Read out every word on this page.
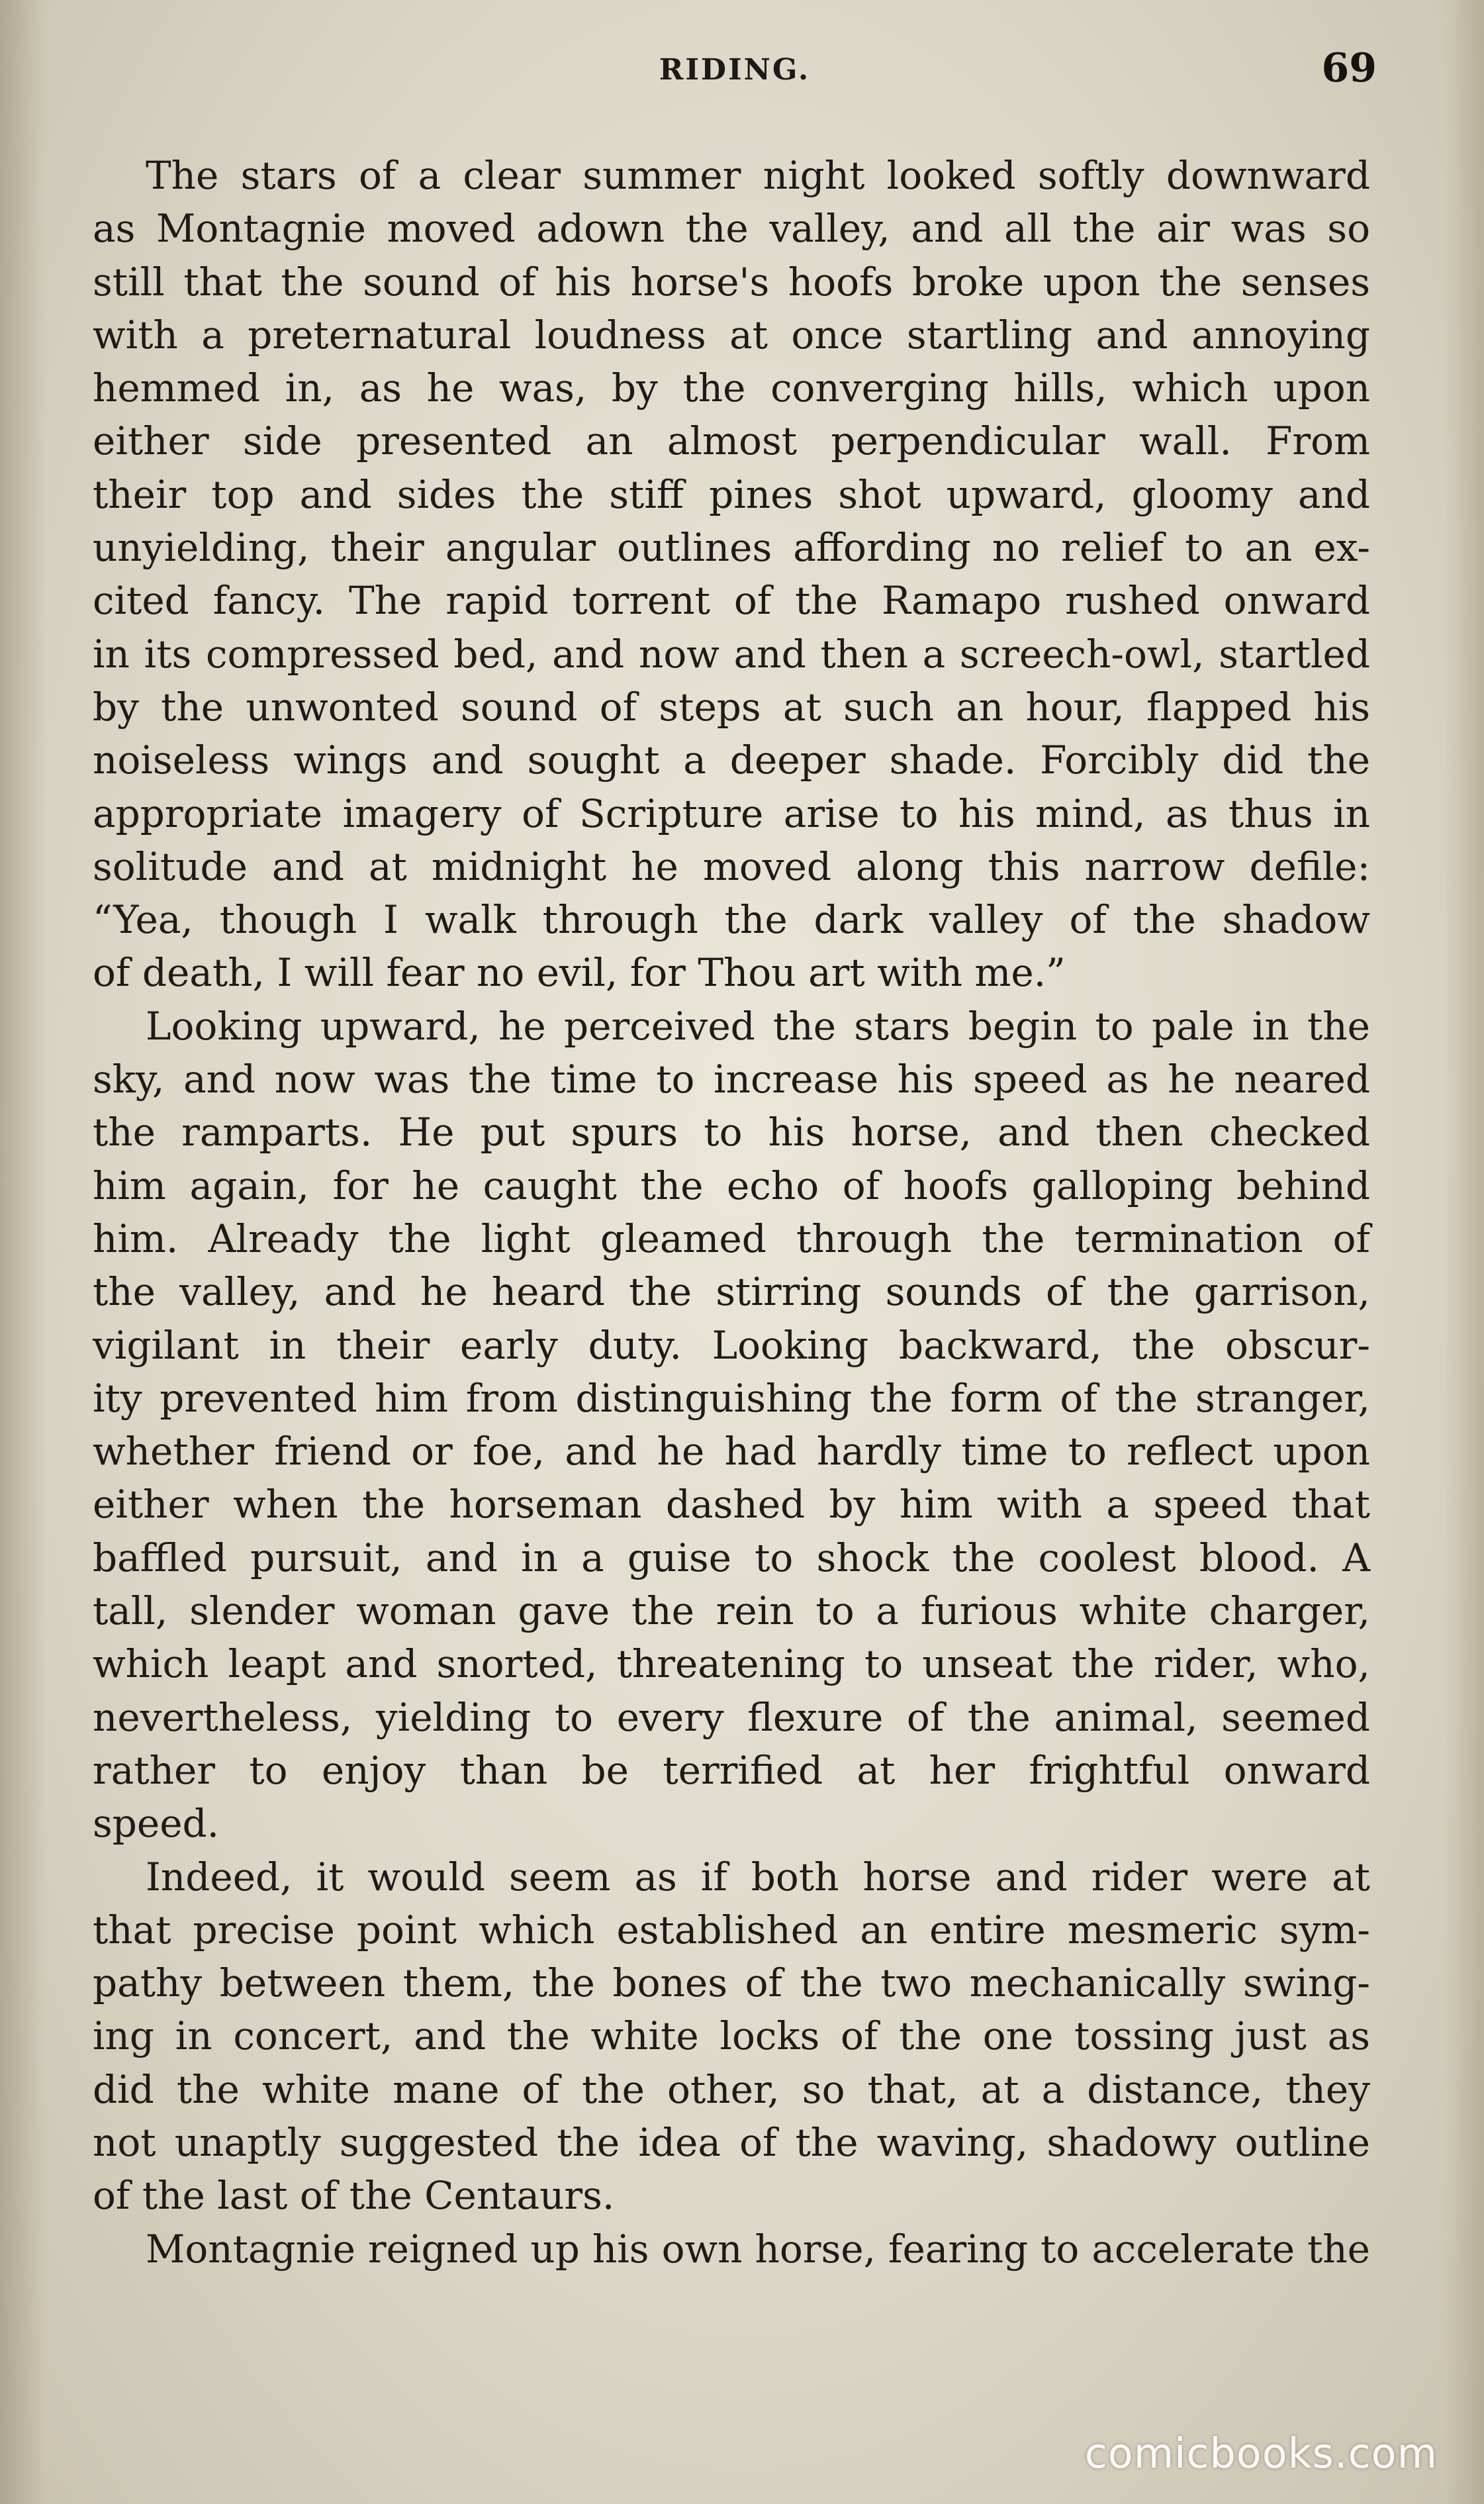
RIDING.	69
The stars of a clear summer night looked softly downward
as Montagnie moved adown the valley, and all the air was so
still that the sound of his horse's hoofs broke upon the senses
with a preternatural loudness at once startling and annoying
hemmed in, as he was, by the converging hills, which upon
either side presented an almost perpendicular wall. From
their top and sides the stiff pines shot upward, gloomy and
unyielding, their angular outlines affording no relief to an ex-
cited fancy. The rapid torrent of the Ramapo rushed onward
in its compressed bed, and now and then a screech-owl, startled
by the unwonted sound of steps at such an hour, flapped his
noiseless wings and sought a deeper shade. Forcibly did the
appropriate imagery of Scripture arise to his mind, as thus in
solitude and at midnight he moved along this narrow defile:
“Yea, though I walk through the dark valley of the shadow
of death, I will fear no evil, for Thou art with me.”
Looking upward, he perceived the stars begin to pale in the
sky, and now was the time to increase his speed as he neared
the ramparts. He put spurs to his horse, and then checked
him again, for he caught the echo of hoofs galloping behind
him. Already the light gleamed through the termination of
the valley, and he heard the stirring sounds of the garrison,
vigilant in their early duty. Looking backward, the obscur-
ity prevented him from distinguishing the form of the stranger,
whether friend or foe, and he had hardly time to reflect upon
either when the horseman dashed by him with a speed that
baffled pursuit, and in a guise to shock the coolest blood. A
tall, slender woman gave the rein to a furious white charger,
which leapt and snorted, threatening to unseat the rider, who,
nevertheless, yielding to every flexure of the animal, seemed
rather to enjoy than be terrified at her frightful onward
speed.
Indeed, it would seem as if both horse and rider were at
that precise point which established an entire mesmeric sym-
pathy between them, the bones of the two mechanically swing-
ing in concert, and the white locks of the one tossing just as
did the white mane of the other, so that, at a distance, they
not unaptly suggested the idea of the waving, shadowy outline
of the last of the Centaurs.
Montagnie reigned up his own horse, fearing to accelerate the
comicbooks.com
